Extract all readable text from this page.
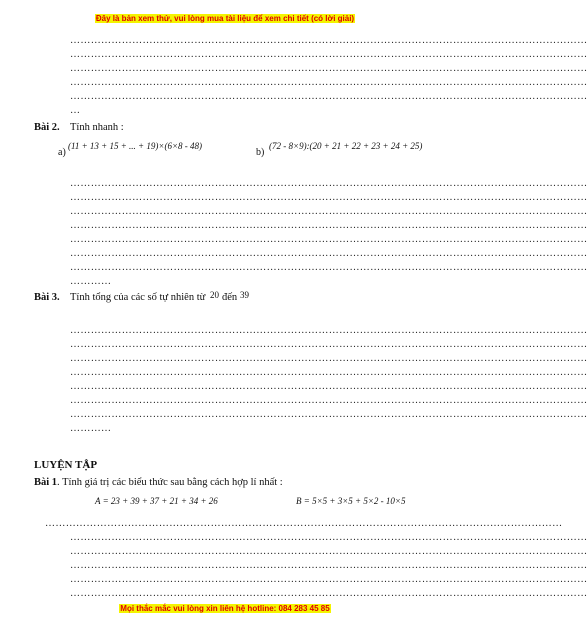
Đây là bản xem thử, vui lòng mua tài liệu để xem chi tiết (có lời giải)
……………………………………………………………………………………………………………………………………
……………………………………………………………………………………………………………………………………
……………………………………………………………………………………………………………………………………
……………………………………………………………………………………………………………………………………
……………………………………………………………………………………………………………………………………
…
Bài 2. Tính nhanh :
a)
(11 + 13 + 15 + ... + 19)×(6×8 - 48)
b)
(72 - 8×9):(20 + 21 + 22 + 23 + 24 + 25)
……………………………………………………………………………………………………………………………………
……………………………………………………………………………………………………………………………………
……………………………………………………………………………………………………………………………………
……………………………………………………………………………………………………………………………………
……………………………………………………………………………………………………………………………………
……………………………………………………………………………………………………………………………………
……………………………………………………………………………………………………………………………………
…………
Bài 3. Tính tổng của các số tự nhiên từ 20 đến 39
……………………………………………………………………………………………………………………………………
……………………………………………………………………………………………………………………………………
……………………………………………………………………………………………………………………………………
……………………………………………………………………………………………………………………………………
……………………………………………………………………………………………………………………………………
……………………………………………………………………………………………………………………………………
……………………………………………………………………………………………………………………………………
…………
LUYỆN TẬP
Bài 1. Tính giá trị các biểu thức sau bằng cách hợp lí nhất :
A = 23 + 39 + 37 + 21 + 34 + 26	B = 5×5 + 3×5 + 5×2 - 10×5
……………………………………………………………………………………………………………………………………
……………………………………………………………………………………………………………………………………
……………………………………………………………………………………………………………………………………
……………………………………………………………………………………………………………………………………
……………………………………………………………………………………………………………………………………
……………………………………………………………………………………………………………………………………
Mọi thắc mắc vui lòng xin liên hệ hotline: 084 283 45 85
